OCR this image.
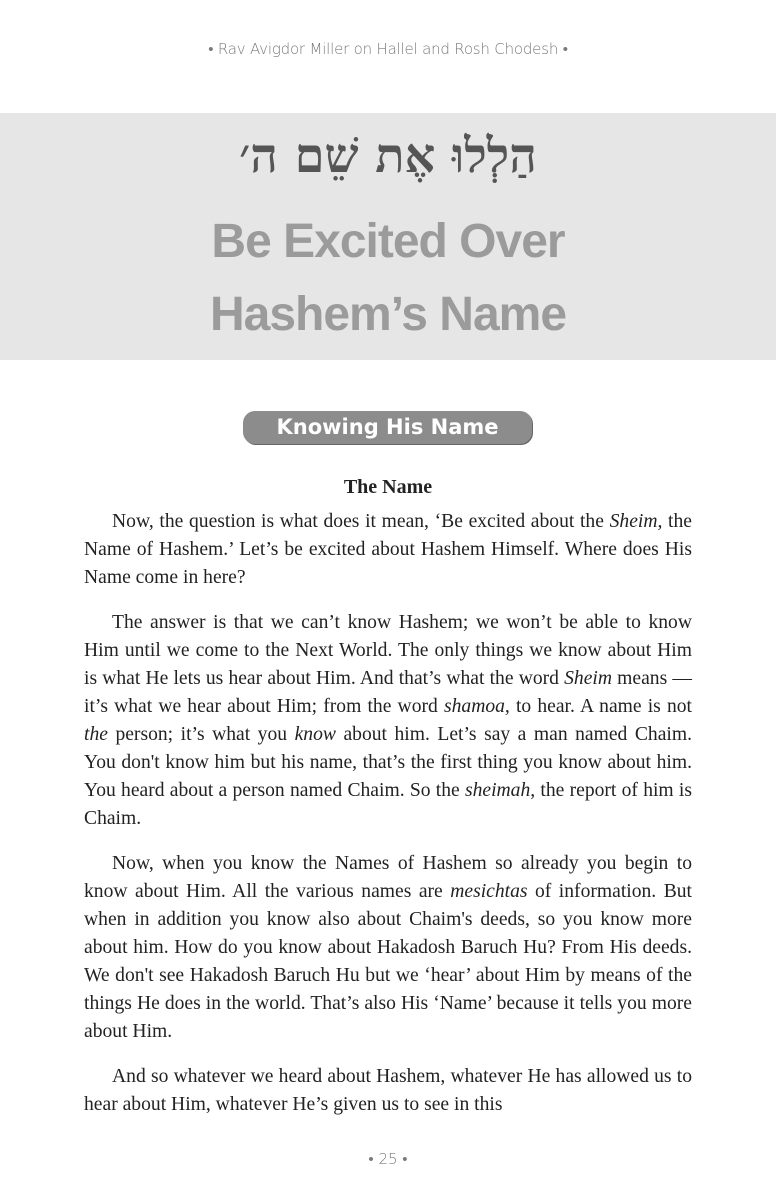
• Rav Avigdor Miller on Hallel and Rosh Chodesh •
הַלְלוּ אֶת שֵׁם ה׳
Be Excited Over
Hashem’s Name
Knowing His Name
The Name

Now, the question is what does it mean, ‘Be excited about the Sheim, the Name of Hashem.’ Let’s be excited about Hashem Himself. Where does His Name come in here?

The answer is that we can’t know Hashem; we won’t be able to know Him until we come to the Next World. The only things we know about Him is what He lets us hear about Him. And that’s what the word Sheim means — it’s what we hear about Him; from the word shamoa, to hear. A name is not the person; it’s what you know about him. Let’s say a man named Chaim. You don't know him but his name, that’s the first thing you know about him. You heard about a person named Chaim. So the sheimah, the report of him is Chaim.

Now, when you know the Names of Hashem so already you begin to know about Him. All the various names are mesichtas of information. But when in addition you know also about Chaim's deeds, so you know more about him. How do you know about Hakadosh Baruch Hu? From His deeds. We don't see Hakadosh Baruch Hu but we ‘hear’ about Him by means of the things He does in the world. That’s also His ‘Name’ because it tells you more about Him.

And so whatever we heard about Hashem, whatever He has allowed us to hear about Him, whatever He’s given us to see in this

• 25 •
